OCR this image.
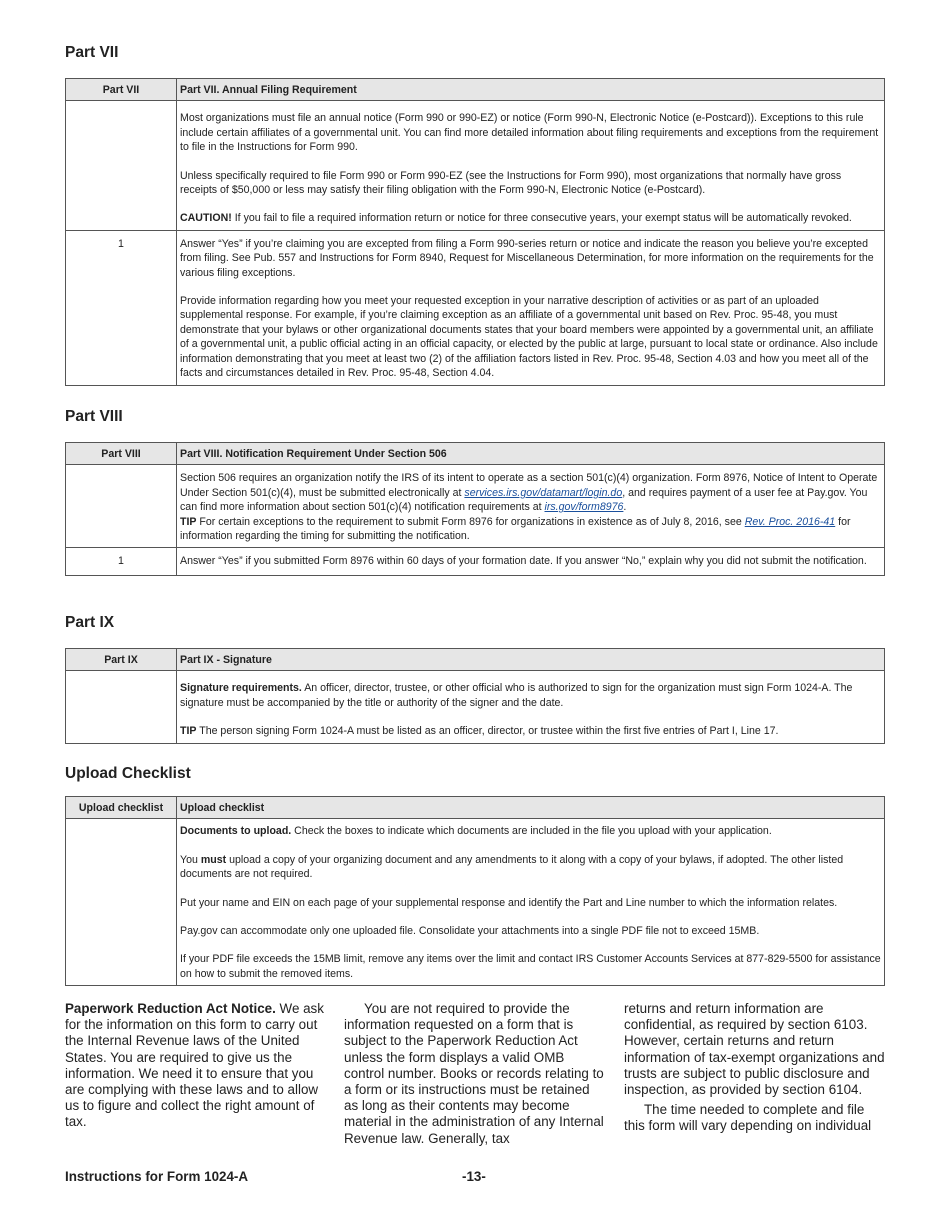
Part VII
Part VII	Part VII. Annual Filing Requirement

	Most organizations must file an annual notice (Form 990 or 990-EZ) or notice (Form 990-N, Electronic Notice (e-Postcard)). Exceptions to this rule include certain affiliates of a governmental unit. You can find more detailed information about filing requirements and exceptions from the requirement to file in the Instructions for Form 990.

Unless specifically required to file Form 990 or Form 990-EZ (see the Instructions for Form 990), most organizations that normally have gross receipts of $50,000 or less may satisfy their filing obligation with the Form 990-N, Electronic Notice (e-Postcard).

CAUTION! If you fail to file a required information return or notice for three consecutive years, your exempt status will be automatically revoked.

1	Answer “Yes” if you’re claiming you are excepted from filing a Form 990-series return or notice and indicate the reason you believe you’re excepted from filing. See Pub. 557 and Instructions for Form 8940, Request for Miscellaneous Determination, for more information on the requirements for the various filing exceptions.

Provide information regarding how you meet your requested exception in your narrative description of activities or as part of an uploaded supplemental response. For example, if you’re claiming exception as an affiliate of a governmental unit based on Rev. Proc. 95-48, you must demonstrate that your bylaws or other organizational documents states that your board members were appointed by a governmental unit, an affiliate of a governmental unit, a public official acting in an official capacity, or elected by the public at large, pursuant to local state or ordinance. Also include information demonstrating that you meet at least two (2) of the affiliation factors listed in Rev. Proc. 95-48, Section 4.03 and how you meet all of the facts and circumstances detailed in Rev. Proc. 95-48, Section 4.04.

Part VIII
Part VIII	Part VIII. Notification Requirement Under Section 506

	Section 506 requires an organization notify the IRS of its intent to operate as a section 501(c)(4) organization. Form 8976, Notice of Intent to Operate Under Section 501(c)(4), must be submitted electronically at services.irs.gov/datamart/login.do, and requires payment of a user fee at Pay.gov. You can find more information about section 501(c)(4) notification requirements at irs.gov/form8976.
TIP For certain exceptions to the requirement to submit Form 8976 for organizations in existence as of July 8, 2016, see Rev. Proc. 2016-41 for information regarding the timing for submitting the notification.

1	Answer “Yes” if you submitted Form 8976 within 60 days of your formation date. If you answer “No,” explain why you did not submit the notification.
Part IX
Part IX	Part IX - Signature

	Signature requirements. An officer, director, trustee, or other official who is authorized to sign for the organization must sign Form 1024-A. The signature must be accompanied by the title or authority of the signer and the date.

TIP The person signing Form 1024-A must be listed as an officer, director, or trustee within the first five entries of Part I, Line 17.

Upload Checklist
Upload checklist	Upload checklist

	Documents to upload. Check the boxes to indicate which documents are included in the file you upload with your application.

You must upload a copy of your organizing document and any amendments to it along with a copy of your bylaws, if adopted. The other listed documents are not required.

Put your name and EIN on each page of your supplemental response and identify the Part and Line number to which the information relates.

Pay.gov can accommodate only one uploaded file. Consolidate your attachments into a single PDF file not to exceed 15MB.

If your PDF file exceeds the 15MB limit, remove any items over the limit and contact IRS Customer Accounts Services at 877-829-5500 for assistance on how to submit the removed items.

Paperwork Reduction Act Notice. We ask for the information on this form to carry out the Internal Revenue laws of the United States. You are required to give us the information. We need it to ensure that you are complying with these laws and to allow us to figure and collect the right amount of tax.

You are not required to provide the information requested on a form that is subject to the Paperwork Reduction Act unless the form displays a valid OMB control number. Books or records relating to a form or its instructions must be retained as long as their contents may become material in the administration of any Internal Revenue law. Generally, tax

returns and return information are confidential, as required by section 6103. However, certain returns and return information of tax-exempt organizations and trusts are subject to public disclosure and inspection, as provided by section 6104.

The time needed to complete and file this form will vary depending on individual

Instructions for Form 1024-A	-13-
